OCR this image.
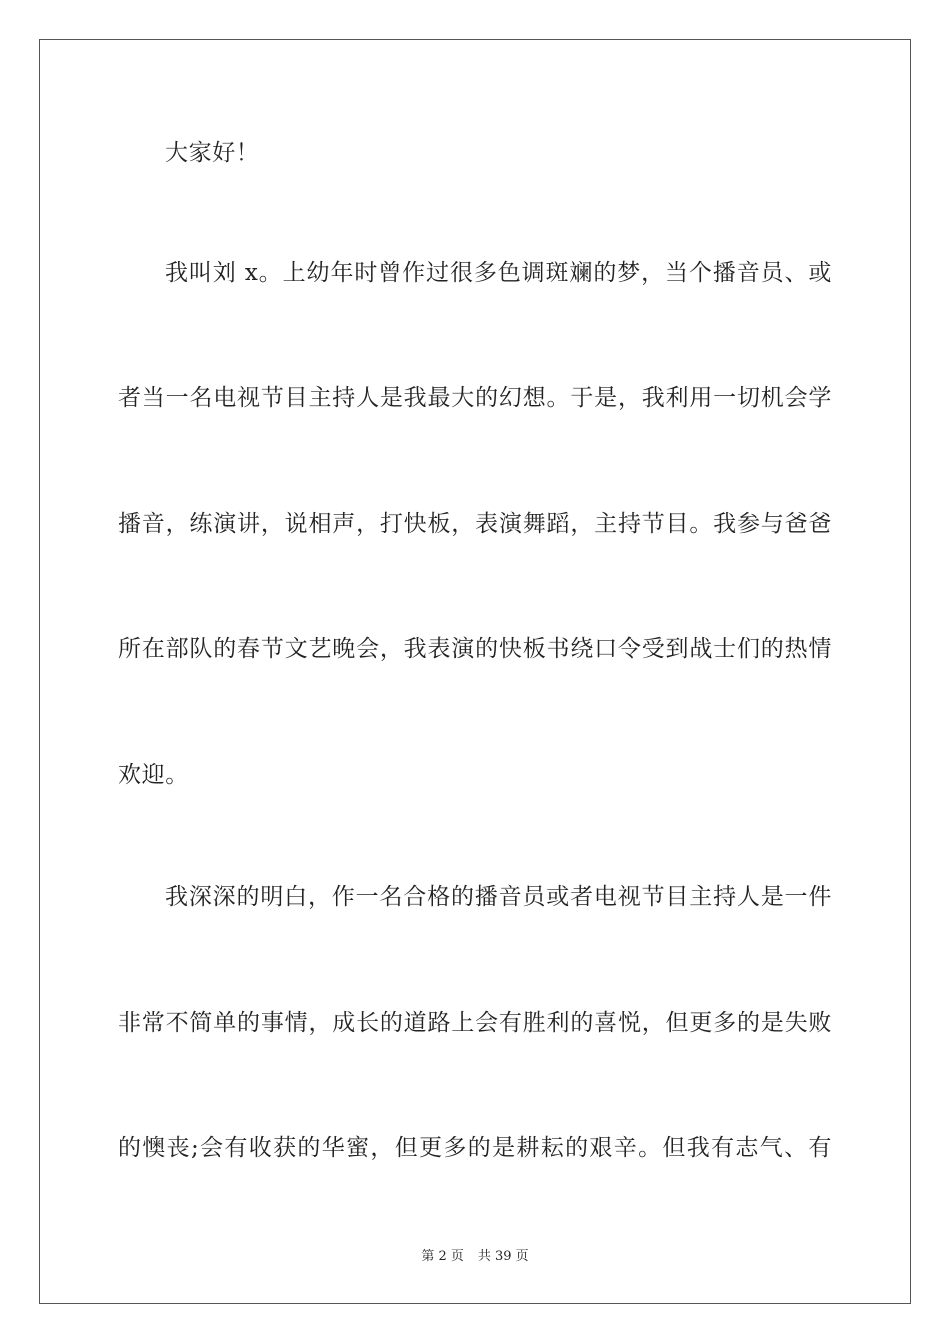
大家好！
我叫刘 x。上幼年时曾作过很多色调斑斓的梦，当个播音员、或
者当一名电视节目主持人是我最大的幻想。于是，我利用一切机会学
播音，练演讲，说相声，打快板，表演舞蹈，主持节目。我参与爸爸
所在部队的春节文艺晚会，我表演的快板书绕口令受到战士们的热情
欢迎。
我深深的明白，作一名合格的播音员或者电视节目主持人是一件
非常不简单的事情，成长的道路上会有胜利的喜悦，但更多的是失败
的懊丧;会有收获的华蜜，但更多的是耕耘的艰辛。但我有志气、有
第 2 页 共 39 页
